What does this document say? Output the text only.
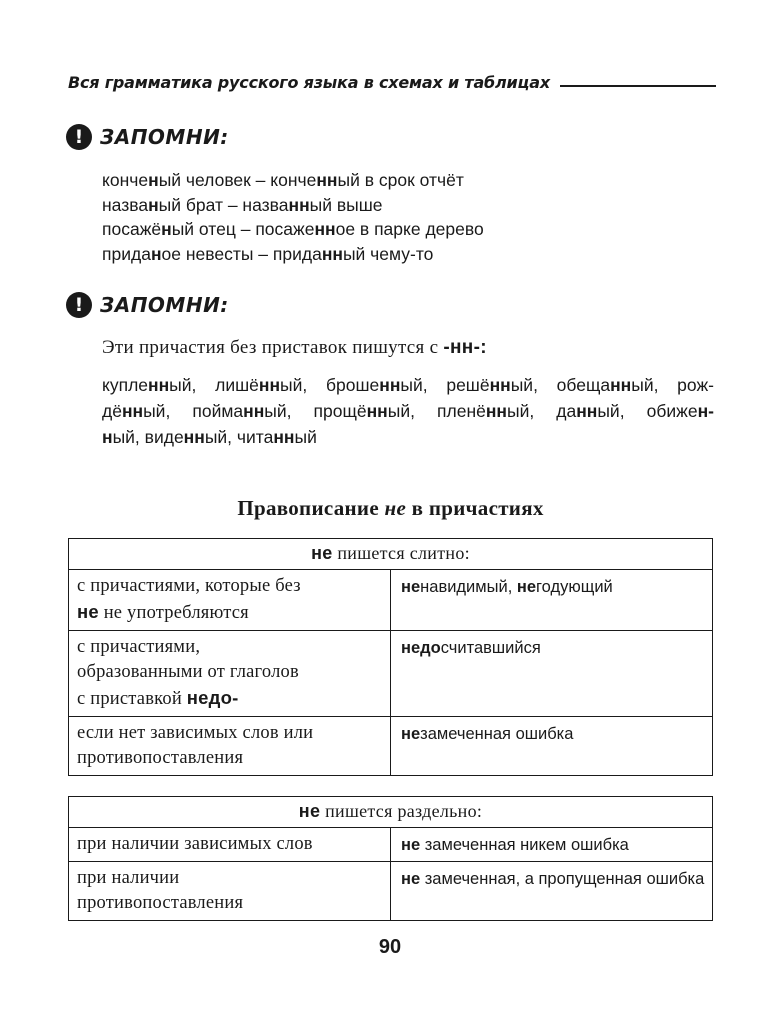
Вся грамматика русского языка в схемах и таблицах
! ЗАПОМНИ:
конченый человек – конченный в срок отчёт
названый брат – названный выше
посажёный отец – посаженное в парке дерево
приданое невесты – приданный чему-то
! ЗАПОМНИ:
Эти причастия без приставок пишутся с -нн-:
купленный, лишённый, брошенный, решённый, обещанный, рож-
дённый, пойманный, прощённый, пленённый, данный, обижен-
ный, виденный, читанный
Правописание не в причастиях
не пишется слитно:	
с причастиями, которые без
не не употребляются	ненавидимый, негодующий
с причастиями,
образованными от глаголов
с приставкой недо-	недосчитавшийся
если нет зависимых слов или противопоставления	незамеченная ошибка
не пишется раздельно:	
при наличии зависимых слов	не замеченная никем ошибка
при наличии
противопоставления	не замеченная, а пропущенная ошибка
90
